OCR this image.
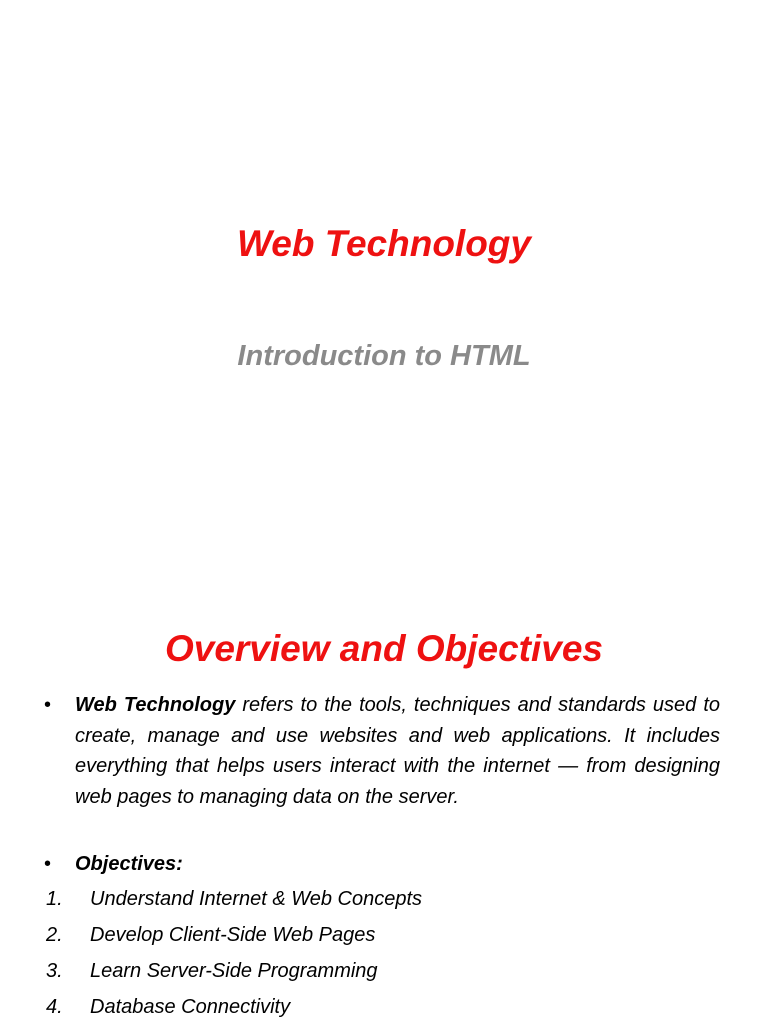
Web Technology
Introduction to HTML
Overview and Objectives
•	Web Technology refers to the tools, techniques and standards used to create, manage and use websites and web applications. It includes everything that helps users interact with the internet — from designing web pages to managing data on the server.
•	Objectives:
1. Understand Internet & Web Concepts
2. Develop Client-Side Web Pages
3. Learn Server-Side Programming
4. Database Connectivity
